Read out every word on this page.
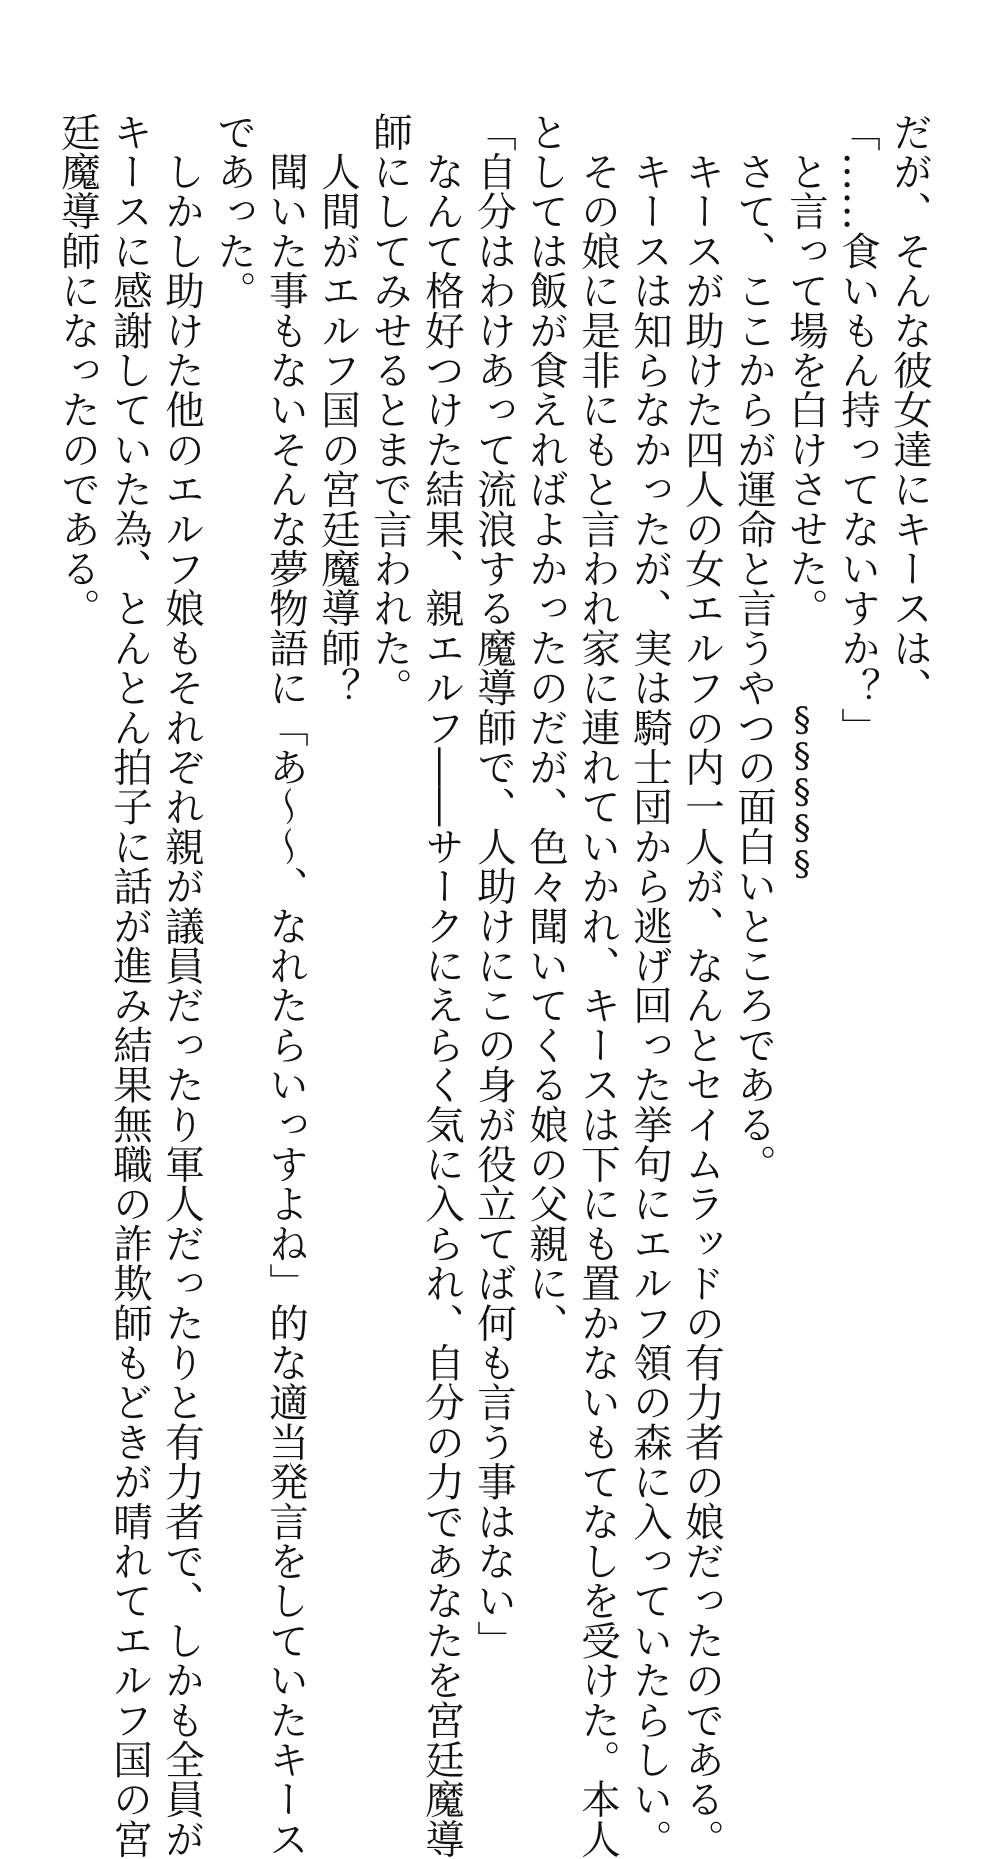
だが、そんな彼女達にキースは、

「……食いもん持ってないすか？」

　と言って場を白けさせた。

§§§§§

　さて、ここからが運命と言うやつの面白いところである。

　キースが助けた四人の女エルフの内一人が、なんとセイムラッドの有力者の娘だったのである。

　キースは知らなかったが、実は騎士団から逃げ回った挙句にエルフ領の森に入っていたらしい。

　その娘に是非にもと言われ家に連れていかれ、キースは下にも置かないもてなしを受けた。本人

としては飯が食えればよかったのだが、色々聞いてくる娘の父親に、

「自分はわけあって流浪する魔導師で、人助けにこの身が役立てば何も言う事はない」

　なんて格好つけた結果、親エルフ――サークにえらく気に入られ、自分の力であなたを宮廷魔導

師にしてみせるとまで言われた。

　人間がエルフ国の宮廷魔導師？

　聞いた事もないそんな夢物語に「あ〜〜、なれたらいっすよね」的な適当発言をしていたキース

であった。

　しかし助けた他のエルフ娘もそれぞれ親が議員だったり軍人だったりと有力者で、しかも全員が

キースに感謝していた為、とんとん拍子に話が進み結果無職の詐欺師もどきが晴れてエルフ国の宮

廷魔導師になったのである。
